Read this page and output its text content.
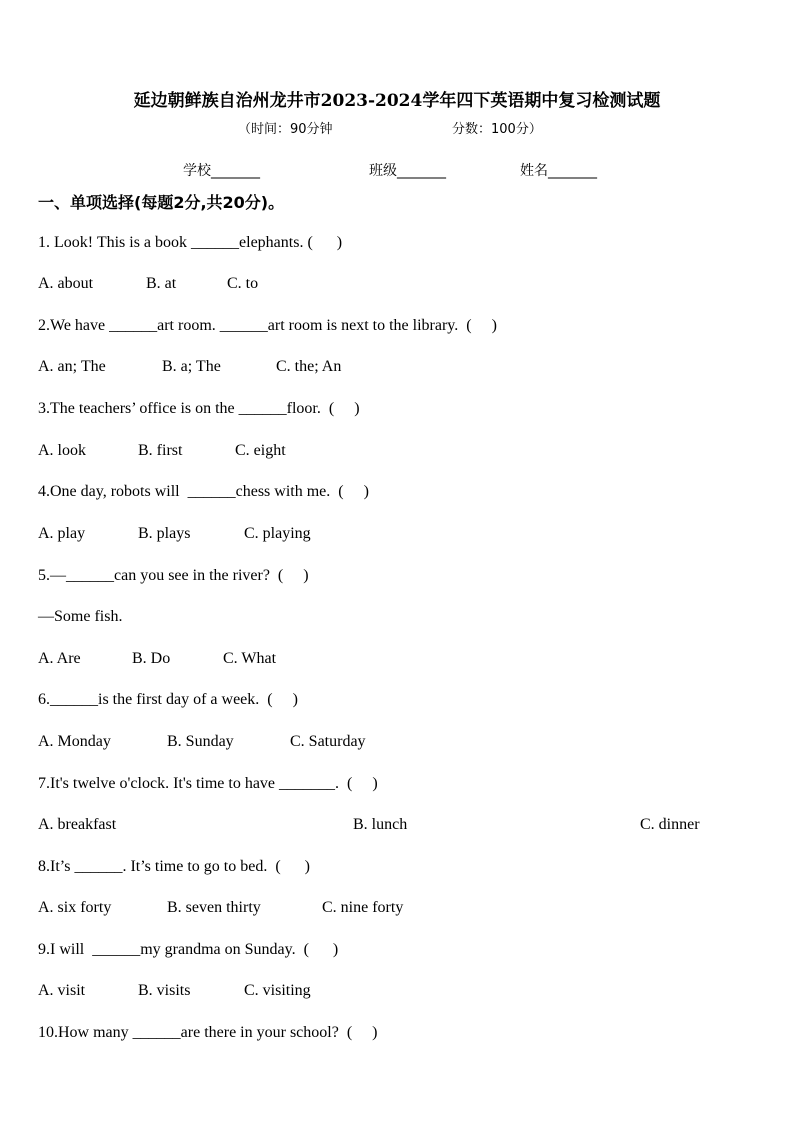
延边朝鲜族自治州龙井市2023-2024学年四下英语期中复习检测试题
（时间：90分钟	分数：100分）
学校_______	班级_______	姓名_______
一、单项选择(每题2分,共20分)。
1. Look! This is a book ______elephants. (      )
A. about	B. at	C. to
2.We have ______art room. ______art room is next to the library.  (     )
A. an; The	B. a; The	C. the; An
3.The teachers’ office is on the ______floor.  (     )
A. look	B. first	C. eight
4.One day, robots will  ______chess with me.  (     )
A. play	B. plays	C. playing
5.—______can you see in the river?  (     )
—Some fish.
A. Are	B. Do	C. What
6.______is the first day of a week.  (     )
A. Monday	B. Sunday	C. Saturday
7.It's twelve o'clock. It's time to have _______.  (     )
A. breakfast	B. lunch	C. dinner
8.It’s ______. It’s time to go to bed.  (      )
A. six forty	B. seven thirty	C. nine forty
9.I will  ______my grandma on Sunday.  (      )
A. visit	B. visits	C. visiting
10.How many ______are there in your school?  (     )
